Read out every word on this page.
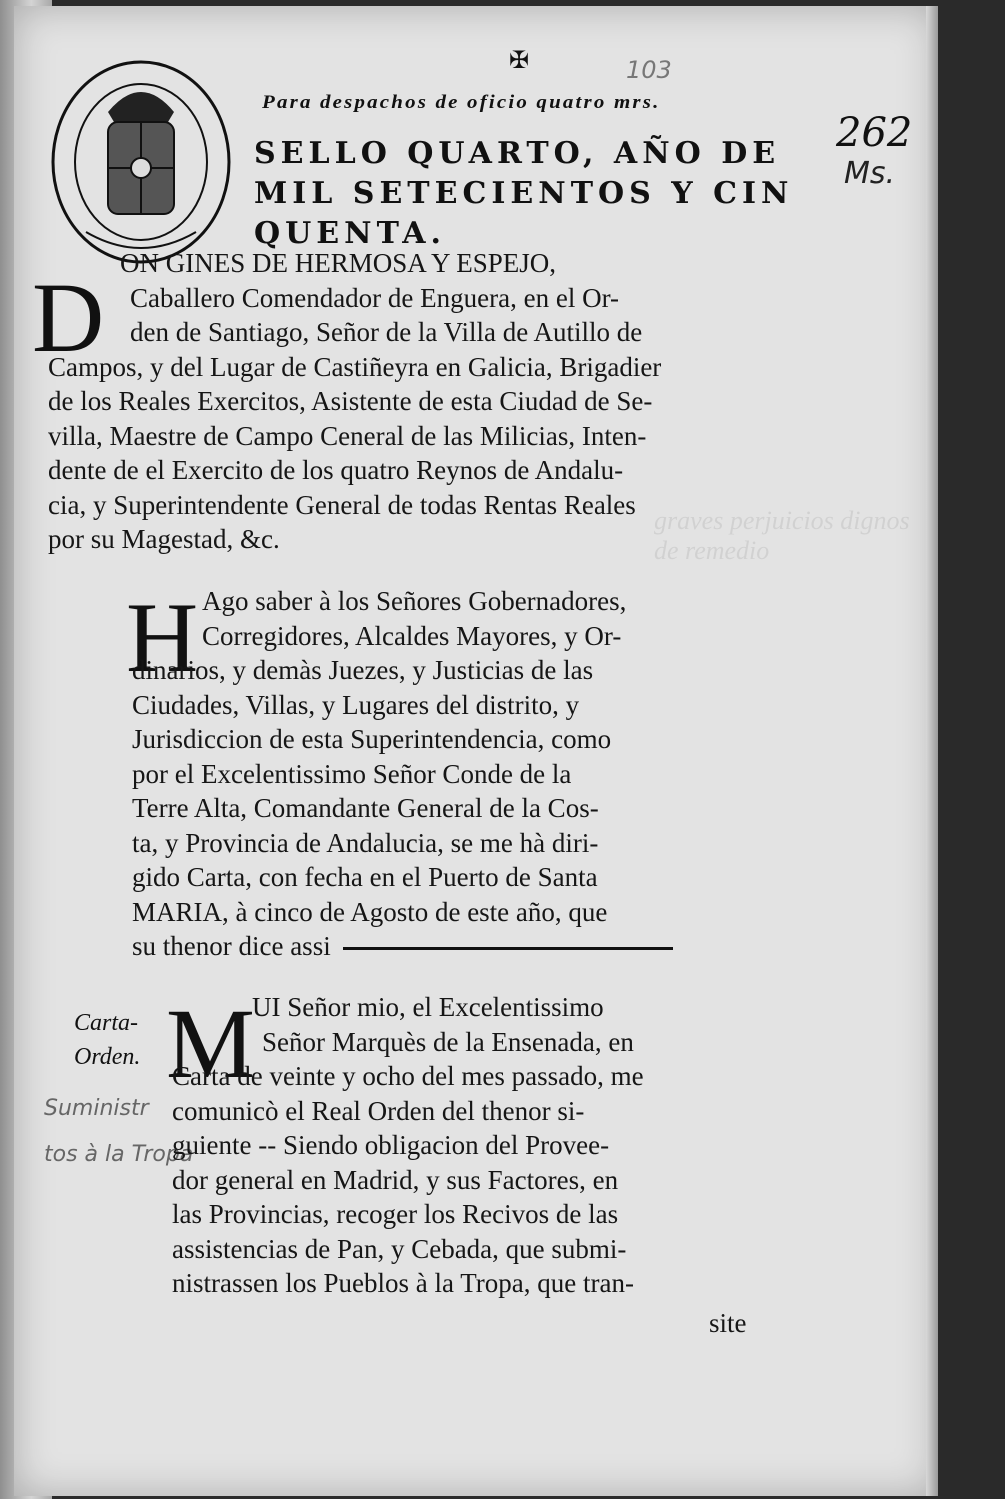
graves perjuicios dignos de remedio
✠	103
262
Ms.
Para despachos de oficio quatro mrs.
SELLO QUARTO, AÑO DE
MIL SETECIENTOS Y CIN
QUENTA.
D ON GINES DE HERMOSA Y ESPEJO,
Caballero Comendador de Enguera, en el Or-
den de Santiago, Señor de la Villa de Autillo de
Campos, y del Lugar de Castiñeyra en Galicia, Brigadier
de los Reales Exercitos, Asistente de esta Ciudad de Se-
villa, Maestre de Campo Ceneral de las Milicias, Inten-
dente de el Exercito de los quatro Reynos de Andalu-
cia, y Superintendente General de todas Rentas Reales
por su Magestad, &c.
H Ago saber à los Señores Gobernadores,
Corregidores, Alcaldes Mayores, y Or-
dinarios, y demàs Juezes, y Justicias de las
Ciudades, Villas, y Lugares del distrito, y
Jurisdiccion de esta Superintendencia, como
por el Excelentissimo Señor Conde de la
Terre Alta, Comandante General de la Cos-
ta, y Provincia de Andalucia, se me hà diri-
gido Carta, con fecha en el Puerto de Santa
MARIA, à cinco de Agosto de este año, que
su thenor dice assi
Carta-
Orden.
Suministr
tos à la Tropa
M
UI Señor mio, el Excelentissimo
Señor Marquès de la Ensenada, en
Carta de veinte y ocho del mes passado, me
comunicò el Real Orden del thenor si-
guiente -- Siendo obligacion del Provee-
dor general en Madrid, y sus Factores, en
las Provincias, recoger los Recivos de las
assistencias de Pan, y Cebada, que submi-
nistrassen los Pueblos à la Tropa, que tran-
site
